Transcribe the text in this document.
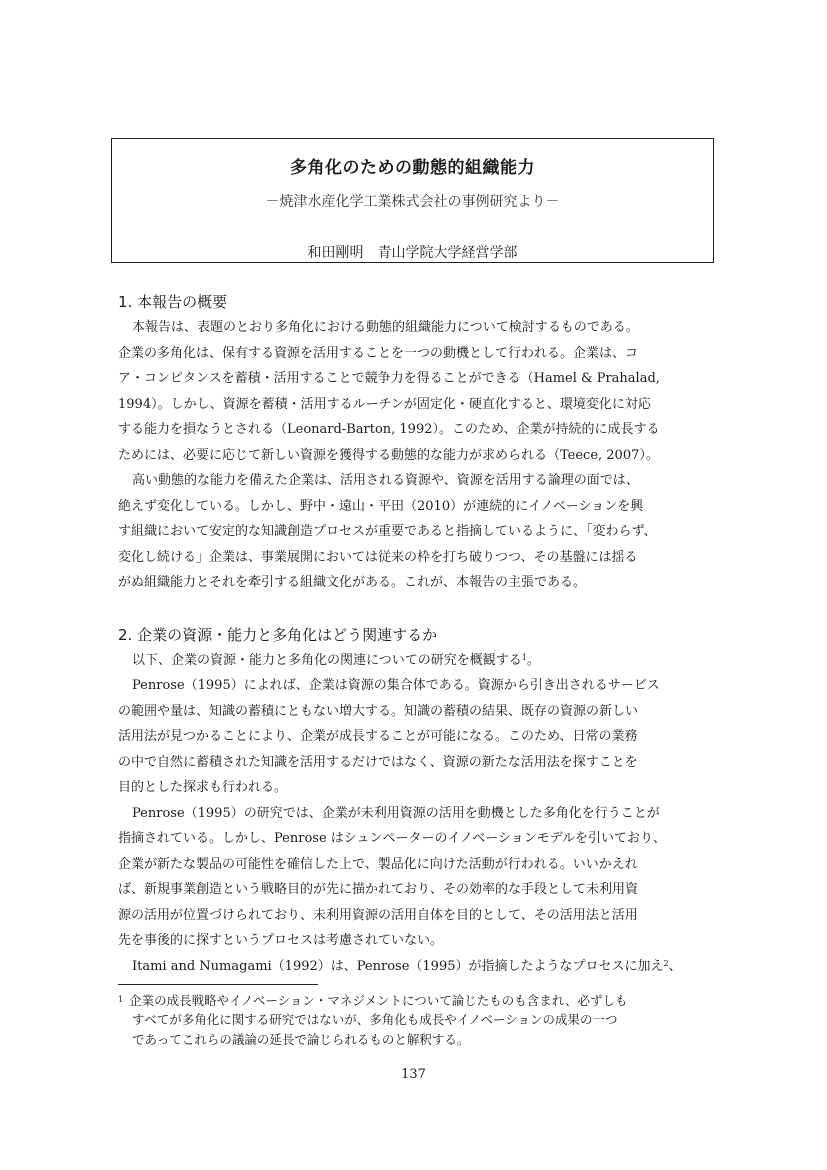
多角化のための動態的組織能力
－焼津水産化学工業株式会社の事例研究より－
和田剛明　青山学院大学経営学部

1. 本報告の概要

本報告は、表題のとおり多角化における動態的組織能力について検討するものである。

企業の多角化は、保有する資源を活用することを一つの動機として行われる。企業は、コ

ア・コンピタンスを蓄積・活用することで競争力を得ることができる（Hamel & Prahalad,

1994）。しかし、資源を蓄積・活用するルーチンが固定化・硬直化すると、環境変化に対応

する能力を損なうとされる（Leonard-Barton, 1992）。このため、企業が持続的に成長する

ためには、必要に応じて新しい資源を獲得する動態的な能力が求められる（Teece, 2007）。

高い動態的な能力を備えた企業は、活用される資源や、資源を活用する論理の面では、

絶えず変化している。しかし、野中・遠山・平田（2010）が連続的にイノベーションを興

す組織において安定的な知識創造プロセスが重要であると指摘しているように、「変わらず、

変化し続ける」企業は、事業展開においては従来の枠を打ち破りつつ、その基盤には揺る

がぬ組織能力とそれを牽引する組織文化がある。これが、本報告の主張である。

2. 企業の資源・能力と多角化はどう関連するか

以下、企業の資源・能力と多角化の関連についての研究を概観する$^1$。

Penrose（1995）によれば、企業は資源の集合体である。資源から引き出されるサービス

の範囲や量は、知識の蓄積にともない増大する。知識の蓄積の結果、既存の資源の新しい

活用法が見つかることにより、企業が成長することが可能になる。このため、日常の業務

の中で自然に蓄積された知識を活用するだけではなく、資源の新たな活用法を探すことを

目的とした探求も行われる。

Penrose（1995）の研究では、企業が未利用資源の活用を動機とした多角化を行うことが

指摘されている。しかし、Penrose はシュンペーターのイノベーションモデルを引いており、

企業が新たな製品の可能性を確信した上で、製品化に向けた活動が行われる。いいかえれ

ば、新規事業創造という戦略目的が先に描かれており、その効率的な手段として未利用資

源の活用が位置づけられており、未利用資源の活用自体を目的として、その活用法と活用

先を事後的に探すというプロセスは考慮されていない。

Itami and Numagami（1992）は、Penrose（1995）が指摘したようなプロセスに加え$^2$、

$^1$ 企業の成長戦略やイノベーション・マネジメントについて論じたものも含まれ、必ずしも

すべてが多角化に関する研究ではないが、多角化も成長やイノベーションの成果の一つ

であってこれらの議論の延長で論じられるものと解釈する。

137
